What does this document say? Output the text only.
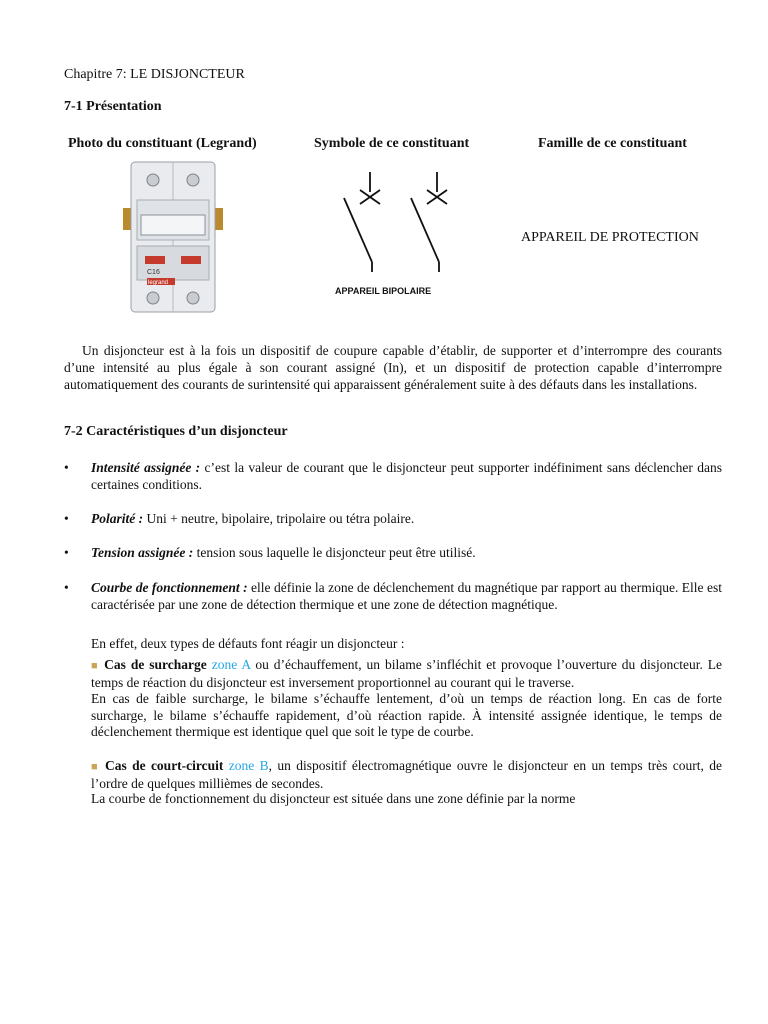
Chapitre 7: LE DISJONCTEUR
7-1 Présentation
Photo du constituant (Legrand)	Symbole de ce constituant	Famille de ce constituant
C16
legrand
APPAREIL BIPOLAIRE
APPAREIL DE PROTECTION
Un disjoncteur est à la fois un dispositif de coupure capable d’établir, de supporter et d’interrompre des courants d’une intensité au plus égale à son courant assigné (In), et un dispositif de protection capable d’interrompre automatiquement des courants de surintensité qui apparaissent généralement suite à des défauts dans les installations.
7-2 Caractéristiques d’un disjoncteur
• Intensité assignée : c’est la valeur de courant que le disjoncteur peut supporter indéfiniment sans déclencher dans certaines conditions.
• Polarité : Uni + neutre, bipolaire, tripolaire ou tétra polaire.
• Tension assignée : tension sous laquelle le disjoncteur peut être utilisé.
• Courbe de fonctionnement : elle définie la zone de déclenchement du magnétique par rapport au thermique. Elle est caractérisée par une zone de détection thermique et une zone de détection magnétique.
En effet, deux types de défauts font réagir un disjoncteur :
■ Cas de surcharge zone A ou d’échauffement, un bilame s’infléchit et provoque l’ouverture du disjoncteur. Le temps de réaction du disjoncteur est inversement proportionnel au courant qui le traverse.
En cas de faible surcharge, le bilame s’échauffe lentement, d’où un temps de réaction long. En cas de forte surcharge, le bilame s’échauffe rapidement, d’où réaction rapide. À intensité assignée identique, le temps de déclenchement thermique est identique quel que soit le type de courbe.
■ Cas de court-circuit zone B, un dispositif électromagnétique ouvre le disjoncteur en un temps très court, de l’ordre de quelques millièmes de secondes.
La courbe de fonctionnement du disjoncteur est située dans une zone définie par la norme
